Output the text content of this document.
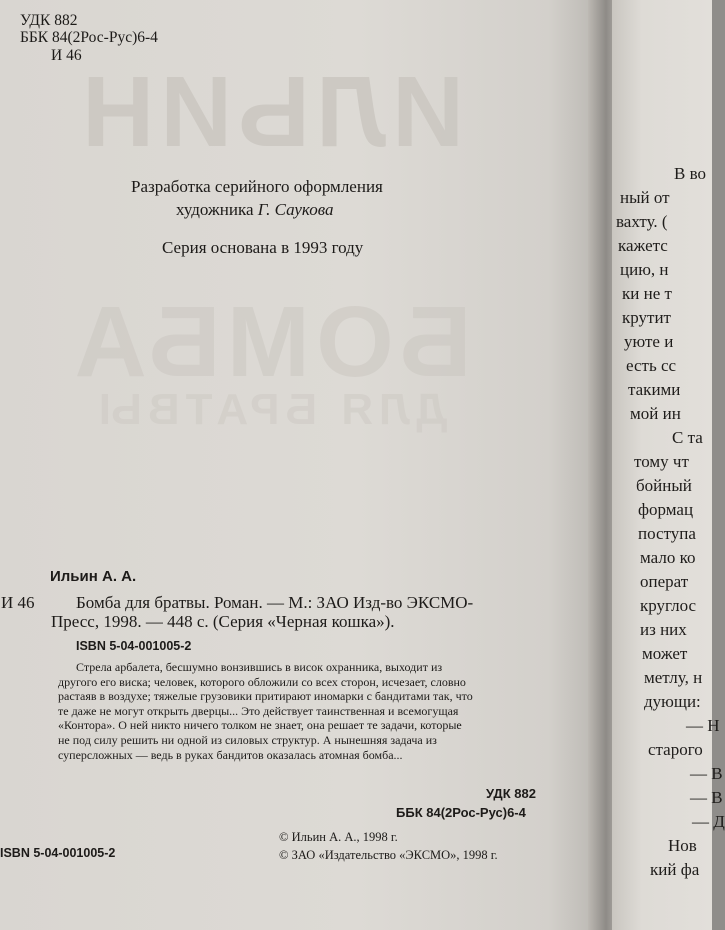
ИЛЬИН
БОМБА
ДЛЯ БРАТВЫ

УДК 882

ББК 84(2Рос-Рус)6-4

И 46

Разработка серийного оформления

художника Г. Саукова

Серия основана в 1993 году

Ильин А. А.

И 46 Бомба для братвы. Роман. — М.: ЗАО Изд-во ЭКСМО-

Пресс, 1998. — 448 с. (Серия «Черная кошка»).

ISBN 5-04-001005-2

Стрела арбалета, бесшумно вонзившись в висок охранника, выходит из
другого его виска; человек, которого обложили со всех сторон, исчезает, словно
растаяв в воздухе; тяжелые грузовики притирают иномарки с бандитами так, что
те даже не могут открыть дверцы... Это действует таинственная и всемогущая
«Контора». О ней никто ничего толком не знает, она решает те задачи, которые
не под силу решить ни одной из силовых структур. А нынешняя задача из
суперсложных — ведь в руках бандитов оказалась атомная бомба...

УДК 882

ББК 84(2Рос-Рус)6-4

ISBN 5-04-001005-2

© Ильин А. А., 1998 г.

© ЗАО «Издательство «ЭКСМО», 1998 г.

В во
ный от
вахту. (
кажетс
цию, н
ки не т
крутит
уюте и
есть сс
такими
мой ин
С та
тому чт
бойный
формац
поступа
мало ко
операт
круглос
из них
может
метлу, н
дующи:
— Н
старого
— В
— В
— Д
Нов
кий фа
